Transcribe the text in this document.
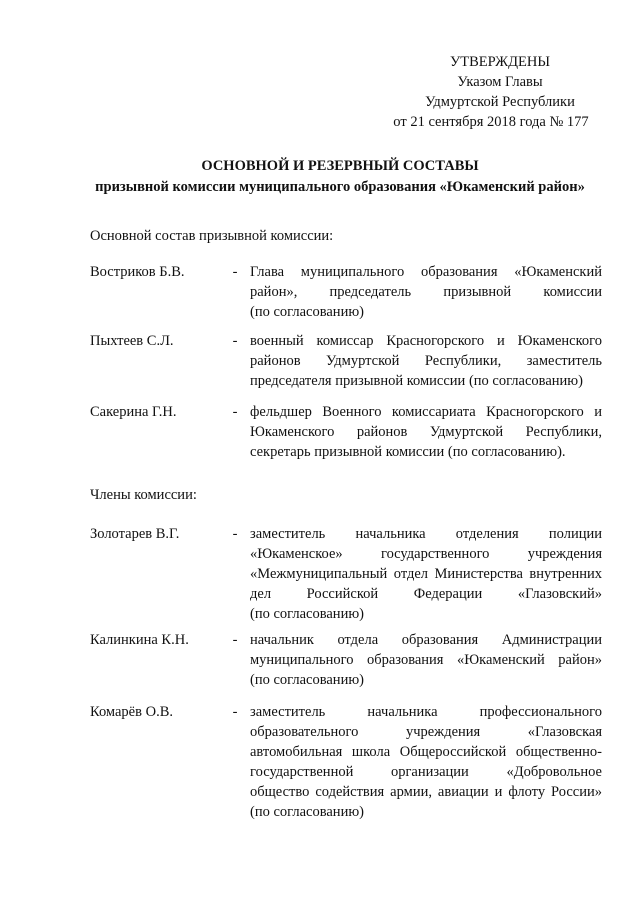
УТВЕРЖДЕНЫ
Указом Главы
Удмуртской Республики
от 21 сентября 2018 года № 177
ОСНОВНОЙ И РЕЗЕРВНЫЙ СОСТАВЫ
призывной комиссии муниципального образования «Юкаменский район»
Основной состав призывной комиссии:
Востриков Б.В.	- Глава муниципального образования «Юкаменский
район», председатель призывной комиссии
(по согласованию)
Пыхтеев С.Л.	- военный комиссар Красногорского и Юкаменского
районов Удмуртской Республики, заместитель
председателя призывной комиссии (по согласованию)
Сакерина Г.Н.	- фельдшер Военного комиссариата Красногорского и
Юкаменского районов Удмуртской Республики,
секретарь призывной комиссии (по согласованию).
Члены комиссии:
Золотарев В.Г.	- заместитель начальника отделения полиции
«Юкаменское» государственного учреждения
«Межмуниципальный отдел Министерства внутренних
дел Российской Федерации «Глазовский»
(по согласованию)
Калинкина К.Н.	- начальник отдела образования Администрации
муниципального образования «Юкаменский район»
(по согласованию)
Комарёв О.В.	- заместитель начальника профессионального
образовательного учреждения «Глазовская
автомобильная школа Общероссийской общественно-
государственной организации «Добровольное
общество содействия армии, авиации и флоту России»
(по согласованию)
